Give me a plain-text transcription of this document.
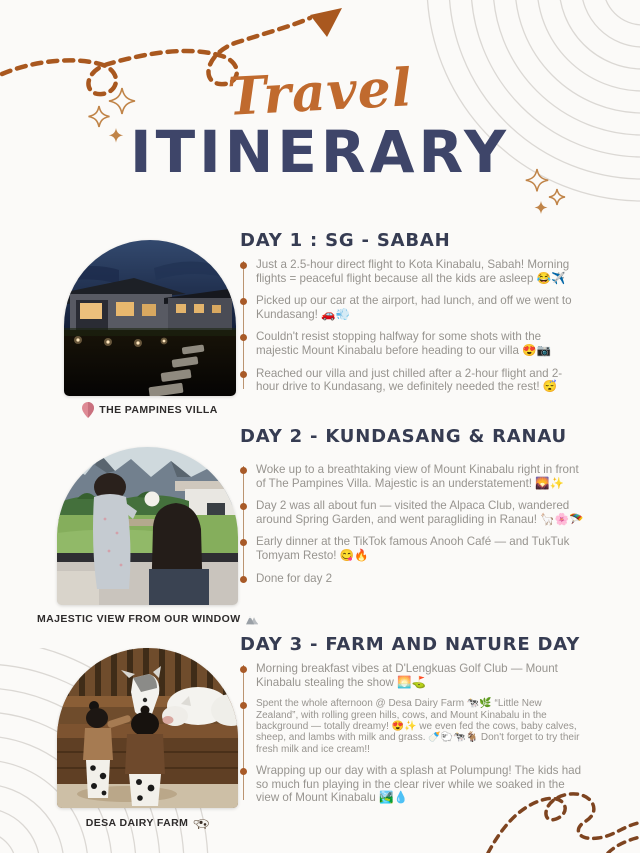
Travel
ITINERARY
THE PAMPINES VILLA
DAY 1 : SG - SABAH

Just a 2.5-hour direct flight to Kota Kinabalu, Sabah! Morning flights = peaceful flight because all the kids are asleep 😂✈️

Picked up our car at the airport, had lunch, and off we went to Kundasang! 🚗💨

Couldn't resist stopping halfway for some shots with the majestic Mount Kinabalu before heading to our villa 😍📷

Reached our villa and just chilled after a 2-hour flight and 2-hour drive to Kundasang, we definitely needed the rest! 😴

MAJESTIC VIEW FROM OUR WINDOW
DAY 2 - KUNDASANG & RANAU

Woke up to a breathtaking view of Mount Kinabalu right in front of The Pampines Villa. Majestic is an understatement! 🌄✨

Day 2 was all about fun — visited the Alpaca Club, wandered around Spring Garden, and went paragliding in Ranau! 🦙🌸🪂

Early dinner at the TikTok famous Anooh Café — and TukTuk Tomyam Resto! 😋🔥

Done for day 2

DESA DAIRY FARM
DAY 3 - FARM AND NATURE DAY

Morning breakfast vibes at D'Lengkuas Golf Club — Mount Kinabalu stealing the show 🌅⛳

Spent the whole afternoon @ Desa Dairy Farm 🐄🌿 “Little New Zealand”, with rolling green hills, cows, and Mount Kinabalu in the background — totally dreamy! 😍✨ we even fed the cows, baby calves, sheep, and lambs with milk and grass. 🍼🐑🐄🐐 Don't forget to try their fresh milk and ice cream!!

Wrapping up our day with a splash at Polumpung! The kids had so much fun playing in the clear river while we soaked in the view of Mount Kinabalu 🏞️💧
